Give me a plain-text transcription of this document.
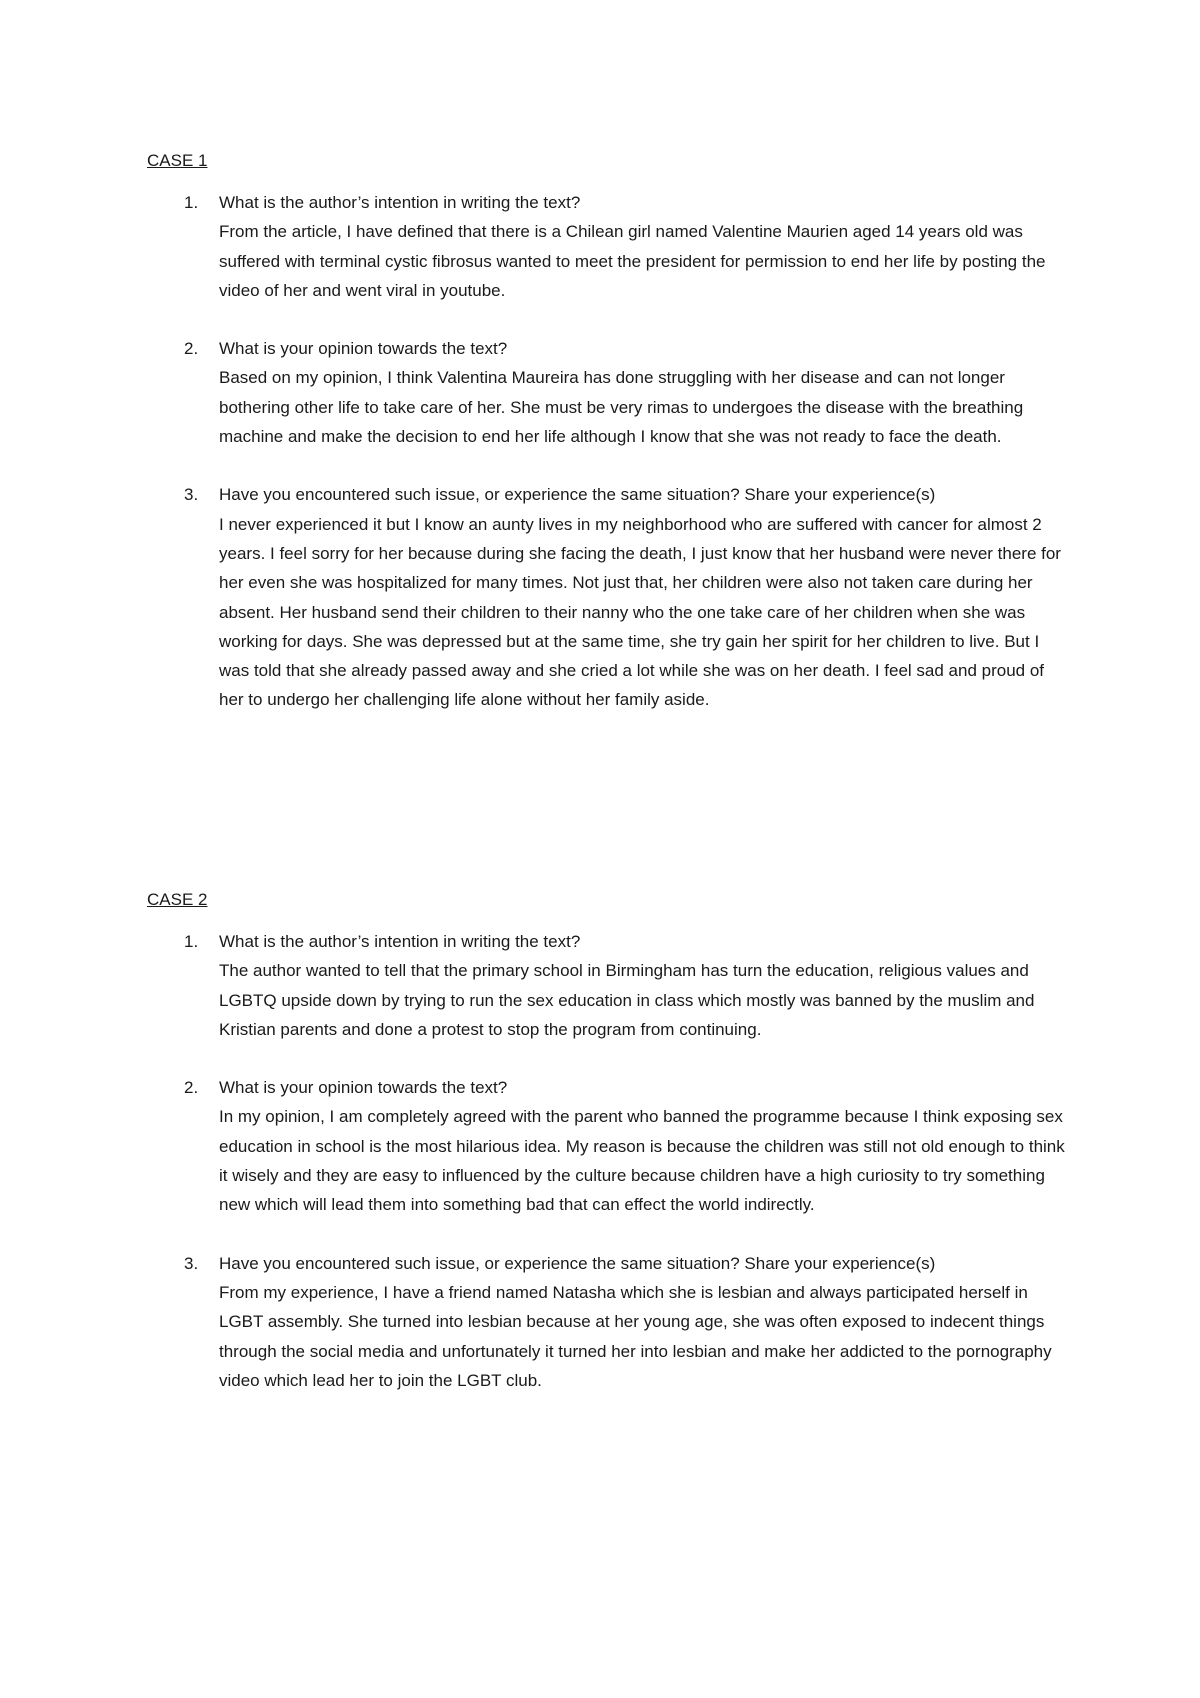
CASE 1
1. What is the author’s intention in writing the text?

From the article, I have defined that there is a Chilean girl named Valentine Maurien aged 14 years old was suffered with terminal cystic fibrosus wanted to meet the president for permission to end her life by posting the video of her and went viral in youtube.

2. What is your opinion towards the text?

Based on my opinion, I think Valentina Maureira has done struggling with her disease and can not longer bothering other life to take care of her. She must be very rimas to undergoes the disease with the breathing machine and make the decision to end her life although I know that she was not ready to face the death.

3. Have you encountered such issue, or experience the same situation? Share your experience(s)

I never experienced it but I know an aunty lives in my neighborhood who are suffered with cancer for almost 2 years. I feel sorry for her because during she facing the death, I just know that her husband were never there for her even she was hospitalized for many times. Not just that, her children were also not taken care during her absent. Her husband send their children to their nanny who the one take care of her children when she was working for days. She was depressed but at the same time, she try gain her spirit for her children to live. But I was told that she already passed away and she cried a lot while she was on her death. I feel sad and proud of her to undergo her challenging life alone without her family aside.

CASE 2
1. What is the author’s intention in writing the text?

The author wanted to tell that the primary school in Birmingham has turn the education, religious values and LGBTQ upside down by trying to run the sex education in class which mostly was banned by the muslim and Kristian parents and done a protest to stop the program from continuing.

2. What is your opinion towards the text?

In my opinion, I am completely agreed with the parent who banned the programme because I think exposing sex education in school is the most hilarious idea. My reason is because the children was still not old enough to think it wisely and they are easy to influenced by the culture because children have a high curiosity to try something new which will lead them into something bad that can effect the world indirectly.

3. Have you encountered such issue, or experience the same situation? Share your experience(s)

From my experience, I have a friend named Natasha which she is lesbian and always participated herself in LGBT assembly. She turned into lesbian because at her young age, she was often exposed to indecent things through the social media and unfortunately it turned her into lesbian and make her addicted to the pornography video which lead her to join the LGBT club.
